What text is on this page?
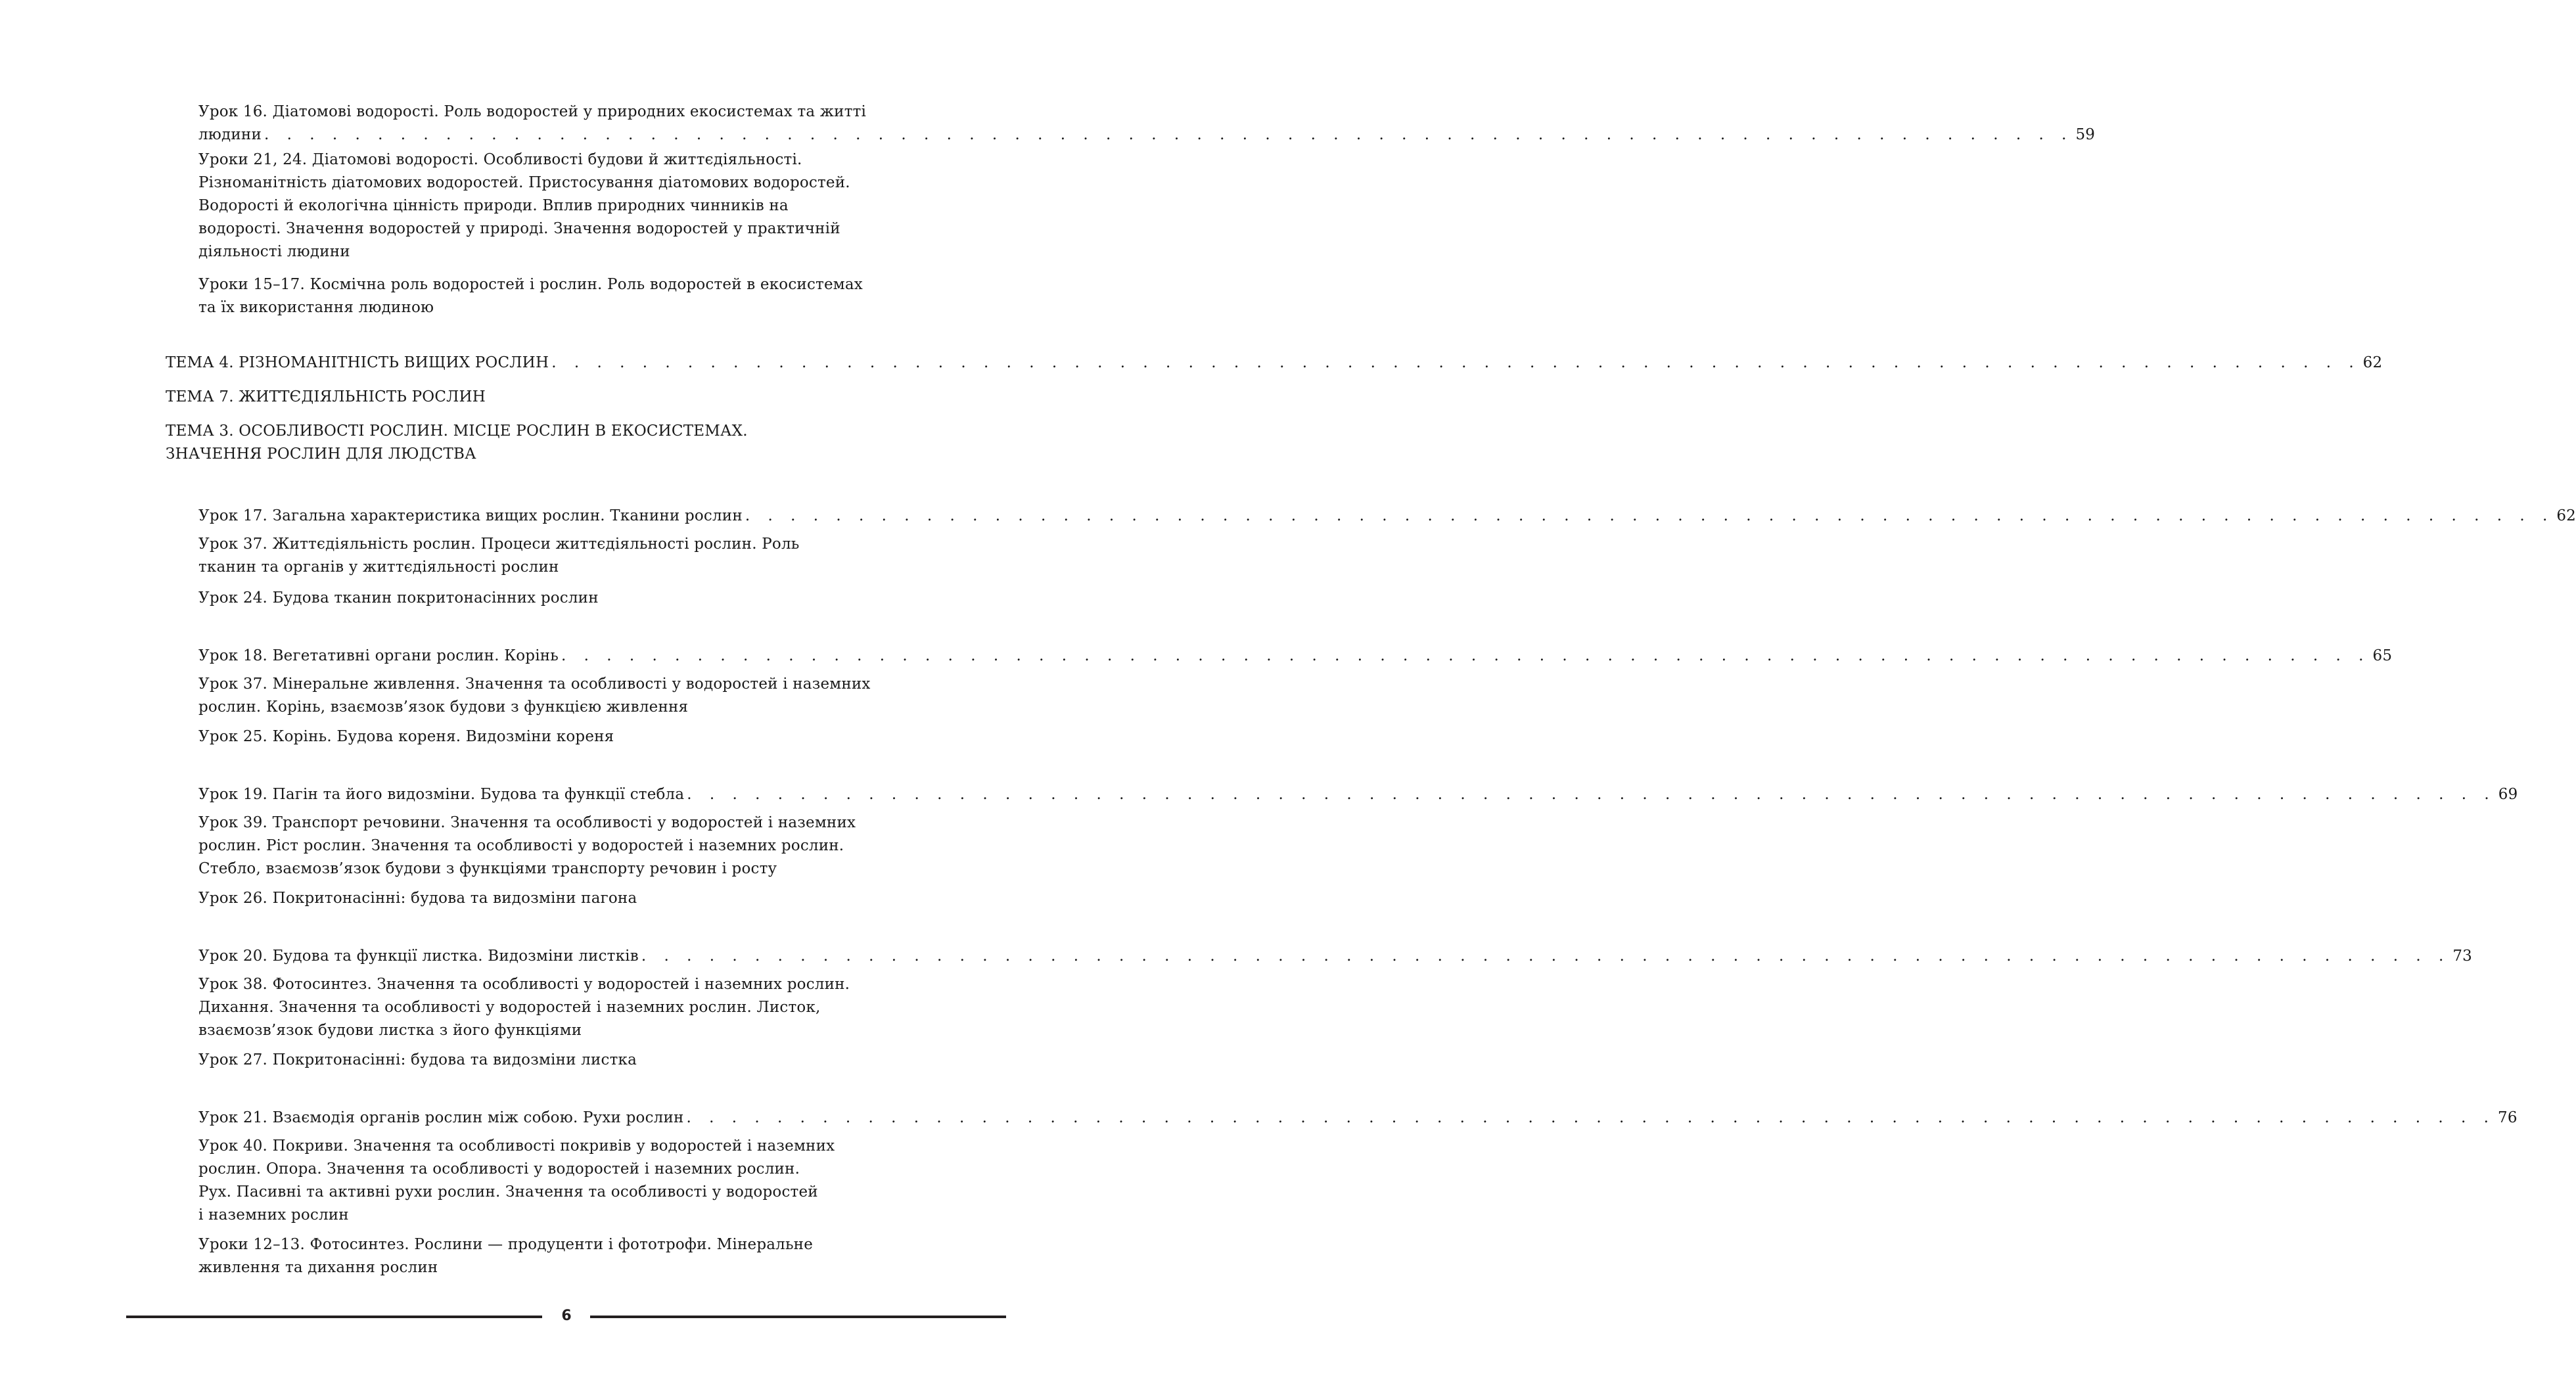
Урок 16. Діатомові водорості. Роль водоростей у природних екосистемах та житті
людини . . . . . . . . . . . . . . . . . . . . . . . . . . . . . . . . . . . . . . . . . . . . . . . . . . . . . . . . . . . . . . . . . . . . . . . . . . . . . . . . 59
Уроки 21, 24. Діатомові водорості. Особливості будови й життєдіяльності.
Різноманітність діатомових водоростей. Пристосування діатомових водоростей.
Водорості й екологічна цінність природи. Вплив природних чинників на
водорості. Значення водоростей у природі. Значення водоростей у практичній
діяльності людини
Уроки 15–17. Космічна роль водоростей і рослин. Роль водоростей в екосистемах
та їх використання людиною
ТЕМА 4. РІЗНОМАНІТНІСТЬ ВИЩИХ РОСЛИН . . . . . . . . . . . . . . . . . . . . . . . . . . . . . . . . . . . . . . . . . . . . . . . . . . . . . . . . . . . . . . . . . . . . . . . . . . . . . . . . 62
ТЕМА 7. ЖИТТЄДІЯЛЬНІСТЬ РОСЛИН
ТЕМА 3. ОСОБЛИВОСТІ РОСЛИН. МІСЦЕ РОСЛИН В ЕКОСИСТЕМАХ.
ЗНАЧЕННЯ РОСЛИН ДЛЯ ЛЮДСТВА
Урок 17. Загальна характеристика вищих рослин. Тканини рослин . . . . . . . . . . . . . . . . . . . . . . . . . . . . . . . . . . . . . . . . . . . . . . . . . . . . . . . . . . . . . . . . . . . . . . . . . . . . . . . . 62
Урок 37. Життєдіяльність рослин. Процеси життєдіяльності рослин. Роль
тканин та органів у життєдіяльності рослин
Урок 24. Будова тканин покритонасінних рослин
Урок 18. Вегетативні органи рослин. Корінь . . . . . . . . . . . . . . . . . . . . . . . . . . . . . . . . . . . . . . . . . . . . . . . . . . . . . . . . . . . . . . . . . . . . . . . . . . . . . . . . 65
Урок 37. Мінеральне живлення. Значення та особливості у водоростей і наземних
рослин. Корінь, взаємозв’язок будови з функцією живлення
Урок 25. Корінь. Будова кореня. Видозміни кореня
Урок 19. Пагін та його видозміни. Будова та функції стебла . . . . . . . . . . . . . . . . . . . . . . . . . . . . . . . . . . . . . . . . . . . . . . . . . . . . . . . . . . . . . . . . . . . . . . . . . . . . . . . . 69
Урок 39. Транспорт речовини. Значення та особливості у водоростей і наземних
рослин. Ріст рослин. Значення та особливості у водоростей і наземних рослин.
Стебло, взаємозв’язок будови з функціями транспорту речовин і росту
Урок 26. Покритонасінні: будова та видозміни пагона
Урок 20. Будова та функції листка. Видозміни листків . . . . . . . . . . . . . . . . . . . . . . . . . . . . . . . . . . . . . . . . . . . . . . . . . . . . . . . . . . . . . . . . . . . . . . . . . . . . . . . . 73
Урок 38. Фотосинтез. Значення та особливості у водоростей і наземних рослин.
Дихання. Значення та особливості у водоростей і наземних рослин. Листок,
взаємозв’язок будови листка з його функціями
Урок 27. Покритонасінні: будова та видозміни листка
Урок 21. Взаємодія органів рослин між собою. Рухи рослин . . . . . . . . . . . . . . . . . . . . . . . . . . . . . . . . . . . . . . . . . . . . . . . . . . . . . . . . . . . . . . . . . . . . . . . . . . . . . . . . 76
Урок 40. Покриви. Значення та особливості покривів у водоростей і наземних
рослин. Опора. Значення та особливості у водоростей і наземних рослин.
Рух. Пасивні та активні рухи рослин. Значення та особливості у водоростей
і наземних рослин
Уроки 12–13. Фотосинтез. Рослини — продуценти і фототрофи. Мінеральне
живлення та дихання рослин
6
